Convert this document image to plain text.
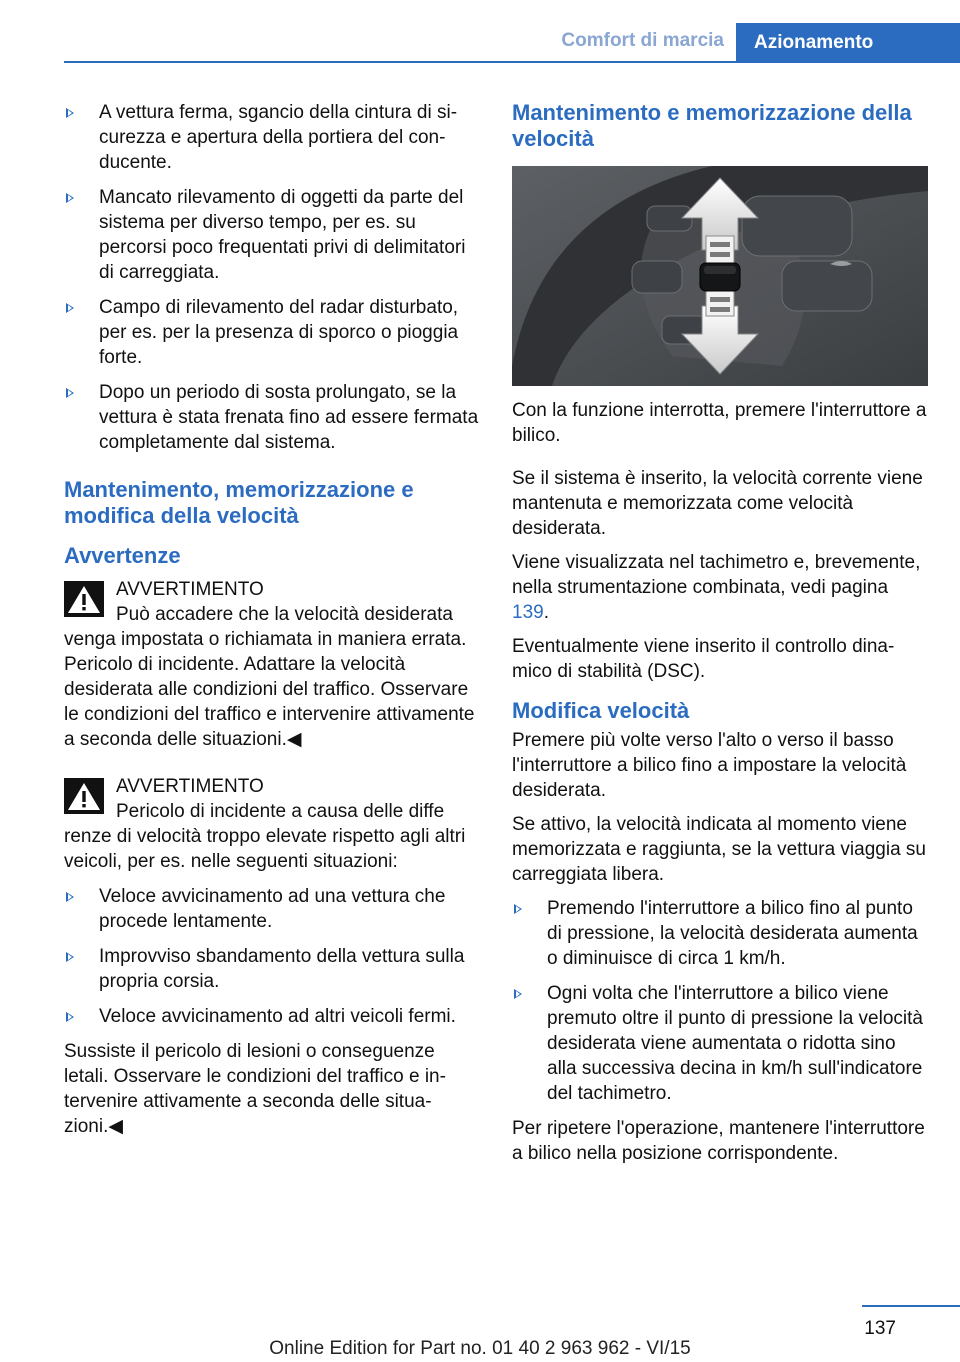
Comfort di marcia	Azionamento
A vettura ferma, sgancio della cintura di sicurezza e apertura della portiera del conducente.
Mancato rilevamento di oggetti da parte del sistema per diverso tempo, per es. su percorsi poco frequentati privi di delimitatori di carreggiata.
Campo di rilevamento del radar disturbato, per es. per la presenza di sporco o pioggia forte.
Dopo un periodo di sosta prolungato, se la vettura è stata frenata fino ad essere fermata completamente dal sistema.
Mantenimento, memorizzazione e modifica della velocità
Avvertenze
AVVERTIMENTO
Può accadere che la velocità desiderata
venga impostata o richiamata in maniera errata. Pericolo di incidente. Adattare la velocità desiderata alle condizioni del traffico. Osservare le condizioni del traffico e intervenire attivamente a seconda delle situazioni.◀
AVVERTIMENTO
Pericolo di incidente a causa delle diffe
renze di velocità troppo elevate rispetto agli altri veicoli, per es. nelle seguenti situazioni:
Veloce avvicinamento ad una vettura che procede lentamente.
Improvviso sbandamento della vettura sulla propria corsia.
Veloce avvicinamento ad altri veicoli fermi.

Sussiste il pericolo di lesioni o conseguenze letali. Osservare le condizioni del traffico e intervenire attivamente a seconda delle situazioni.◀

Mantenimento e memorizzazione della velocità

Con la funzione interrotta, premere l'interruttore a bilico.

Se il sistema è inserito, la velocità corrente viene mantenuta e memorizzata come velocità desiderata.

Viene visualizzata nel tachimetro e, brevemente, nella strumentazione combinata, vedi pagina 139.

Eventualmente viene inserito il controllo dinamico di stabilità (DSC).

Modifica velocità

Premere più volte verso l'alto o verso il basso l'interruttore a bilico fino a impostare la velocità desiderata.

Se attivo, la velocità indicata al momento viene memorizzata e raggiunta, se la vettura viaggia su carreggiata libera.

Premendo l'interruttore a bilico fino al punto di pressione, la velocità desiderata aumenta o diminuisce di circa 1 km/h.
Ogni volta che l'interruttore a bilico viene premuto oltre il punto di pressione la velocità desiderata viene aumentata o ridotta sino alla successiva decina in km/h sull'indicatore del tachimetro.

Per ripetere l'operazione, mantenere l'interruttore a bilico nella posizione corrispondente.

137
Online Edition for Part no. 01 40 2 963 962 - VI/15
